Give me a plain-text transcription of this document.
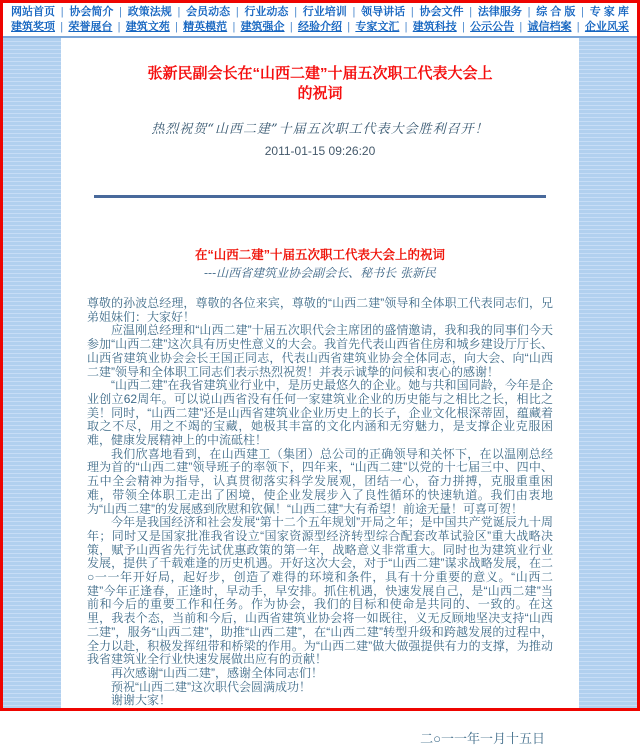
网站首页 | 协会简介 | 政策法规 | 会员动态 | 行业动态 | 行业培训 | 领导讲话 | 协会文件 | 法律服务 | 综 合 版 | 专 家 库
建筑奖项 | 荣誉展台 | 建筑文苑 | 精英模范 | 建筑强企 | 经验介绍 | 专家文汇 | 建筑科技 | 公示公告 | 诚信档案 | 企业风采
张新民副会长在“山西二建”十届五次职工代表大会上的祝词
热烈祝贺“山西二建”十届五次职工代表大会胜利召开！
2011-01-15 09:26:20
在“山西二建”十届五次职工代表大会上的祝词
---山西省建筑业协会副会长、秘书长 张新民

尊敬的孙波总经理，尊敬的各位来宾，尊敬的“山西二建”领导和全体职工代表同志们，兄弟姐妹们：大家好！

应温刚总经理和“山西二建”十届五次职代会主席团的盛情邀请，我和我的同事们今天参加“山西二建”这次具有历史性意义的大会。我首先代表山西省住房和城乡建设厅厅长、山西省建筑业协会会长王国正同志，代表山西省建筑业协会全体同志，向大会、向“山西二建”领导和全体职工同志们表示热烈祝贺！并表示诚挚的问候和衷心的感谢！

“山西二建”在我省建筑业行业中，是历史最悠久的企业。她与共和国同龄，今年是企业创立62周年。可以说山西省没有任何一家建筑业企业的历史能与之相比之长，相比之美！同时，“山西二建”还是山西省建筑业企业历史上的长子，企业文化根深蒂固，蕴藏着取之不尽，用之不竭的宝藏，她极其丰富的文化内涵和无穷魅力，是支撑企业克服困难，健康发展精神上的中流砥柱！

我们欣喜地看到，在山西建工（集团）总公司的正确领导和关怀下，在以温刚总经理为首的“山西二建”领导班子的率领下，四年来，“山西二建”以党的十七届三中、四中、五中全会精神为指导，认真贯彻落实科学发展观，团结一心，奋力拼搏，克服重重困难，带领全体职工走出了困境，使企业发展步入了良性循环的快速轨道。我们由衷地为“山西二建”的发展感到欣慰和钦佩！“山西二建”大有希望！前途无量！可喜可贺！

今年是我国经济和社会发展“第十二个五年规划”开局之年；是中国共产党诞辰九十周年；同时又是国家批准我省设立“国家资源型经济转型综合配套改革试验区”重大战略决策，赋予山西省先行先试优惠政策的第一年，战略意义非常重大。同时也为建筑业行业发展，提供了千载难逢的历史机遇。开好这次大会，对于“山西二建”谋求战略发展，在二○一一年开好局，起好步，创造了难得的环境和条件，具有十分重要的意义。“山西二建”今年正逢春，正逢时，早动手，早安排。抓住机遇，快速发展自己，是“山西二建”当前和今后的重要工作和任务。作为协会，我们的目标和使命是共同的、一致的。在这里，我表个态，当前和今后，山西省建筑业协会将一如既往，义无反顾地坚决支持“山西二建”，服务“山西二建”，助推“山西二建”，在“山西二建”转型升级和跨越发展的过程中，全力以赴，积极发挥纽带和桥梁的作用。为“山西二建”做大做强提供有力的支撑，为推动我省建筑业全行业快速发展做出应有的贡献！

再次感谢“山西二建”，感谢全体同志们！

预祝“山西二建”这次职代会圆满成功！

谢谢大家！

二○一一年一月十五日
